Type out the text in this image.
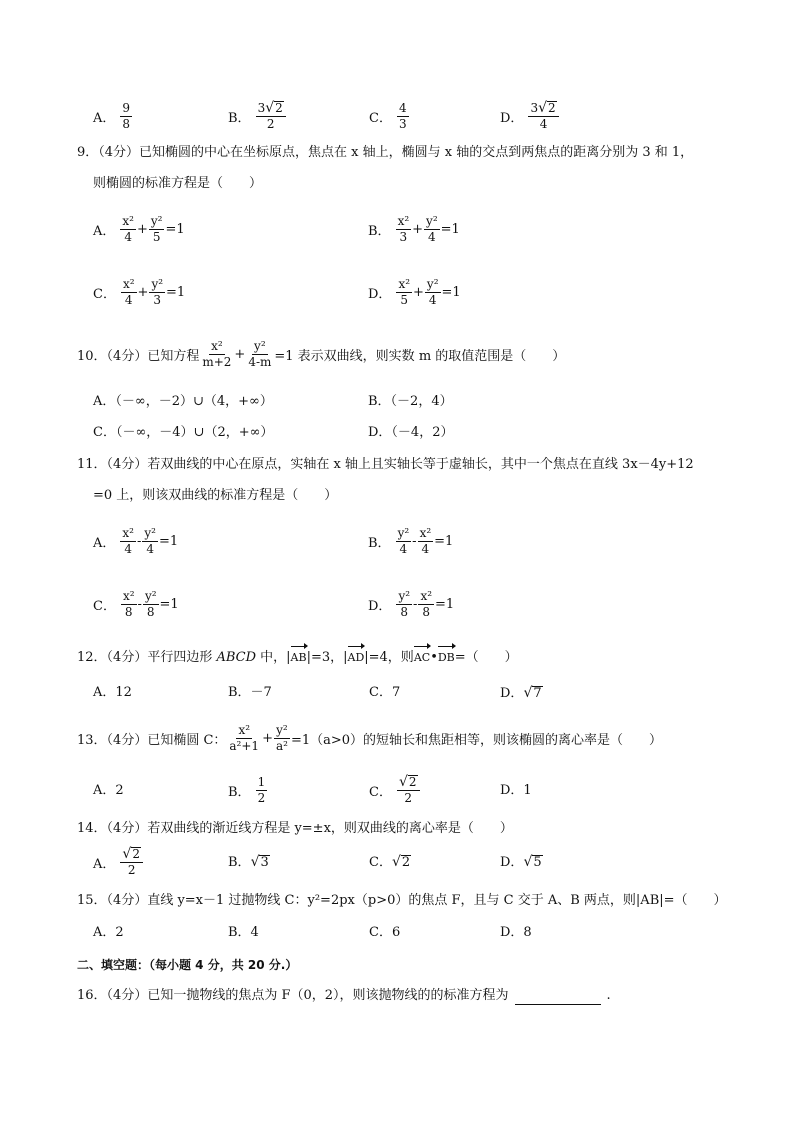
A． $\frac{9}{8}$	B． $\frac{3√2}{2}$	C． $\frac{4}{3}$	D． $\frac{3√2}{4}$
9．（4分）已知椭圆的中心在坐标原点，焦点在 x 轴上，椭圆与 x 轴的交点到两焦点的距离分别为 3 和 1，
则椭圆的标准方程是（　　）
A． $\frac{\text{x²}}{4} + \frac{\text{y²}}{5} =1$	B． $\frac{\text{x²}}{3} + \frac{\text{y²}}{4} =1$
C． $\frac{\text{x²}}{4} + \frac{\text{y²}}{3} =1$	D． $\frac{\text{x²}}{5} + \frac{\text{y²}}{4} =1$
10．（4分）已知方程 $\frac{\text{x²}}{m+2} + \frac{\text{y²}}{4-m} =1$ 表示双曲线，则实数 m 的取值范围是（　　）
A．（－∞，－2）∪（4，+∞）	B．（－2，4）
C．（－∞，－4）∪（2，+∞）	D．（－4，2）
11．（4分）若双曲线的中心在原点，实轴在 x 轴上且实轴长等于虚轴长，其中一个焦点在直线 3x－4y+12
=0 上，则该双曲线的标准方程是（　　）
A． $\frac{\text{x²}}{4} - \frac{\text{y²}}{4} =1$	B． $\frac{\text{y²}}{4} - \frac{\text{x²}}{4} =1$
C． $\frac{\text{x²}}{8} - \frac{\text{y²}}{8} =1$	D． $\frac{\text{y²}}{8} - \frac{\text{x²}}{8} =1$
12．（4分）平行四边形 ABCD 中，|AB|=3，|AD|=4，则AC•DB=（　　）
A．12	B．－7	C．7	D．√7
13．（4分）已知椭圆 C： $\frac{\text{x²}}{\text{a²+1}} + \frac{\text{y²}}{\text{a²}} =1(a>0)$的短轴长和焦距相等，则该椭圆的离心率是（　　）
A．2	B． $\frac{1}{2}$	C． $\frac{√2}{2}$	D．1
14．（4分）若双曲线的渐近线方程是 y=±x，则双曲线的离心率是（　　）
A． $\frac{√2}{2}$	B．√3	C．√2	D．√5
15．（4分）直线 y=x－1 过抛物线 C：y²=2px（p>0）的焦点 F，且与 C 交于 A、B 两点，则|AB|=（　　）
A．2	B．4	C．6	D．8
二、填空题：（每小题 4 分，共 20 分.）
16．（4分）已知一抛物线的焦点为 F（0，2），则该抛物线的的标准方程为	.
